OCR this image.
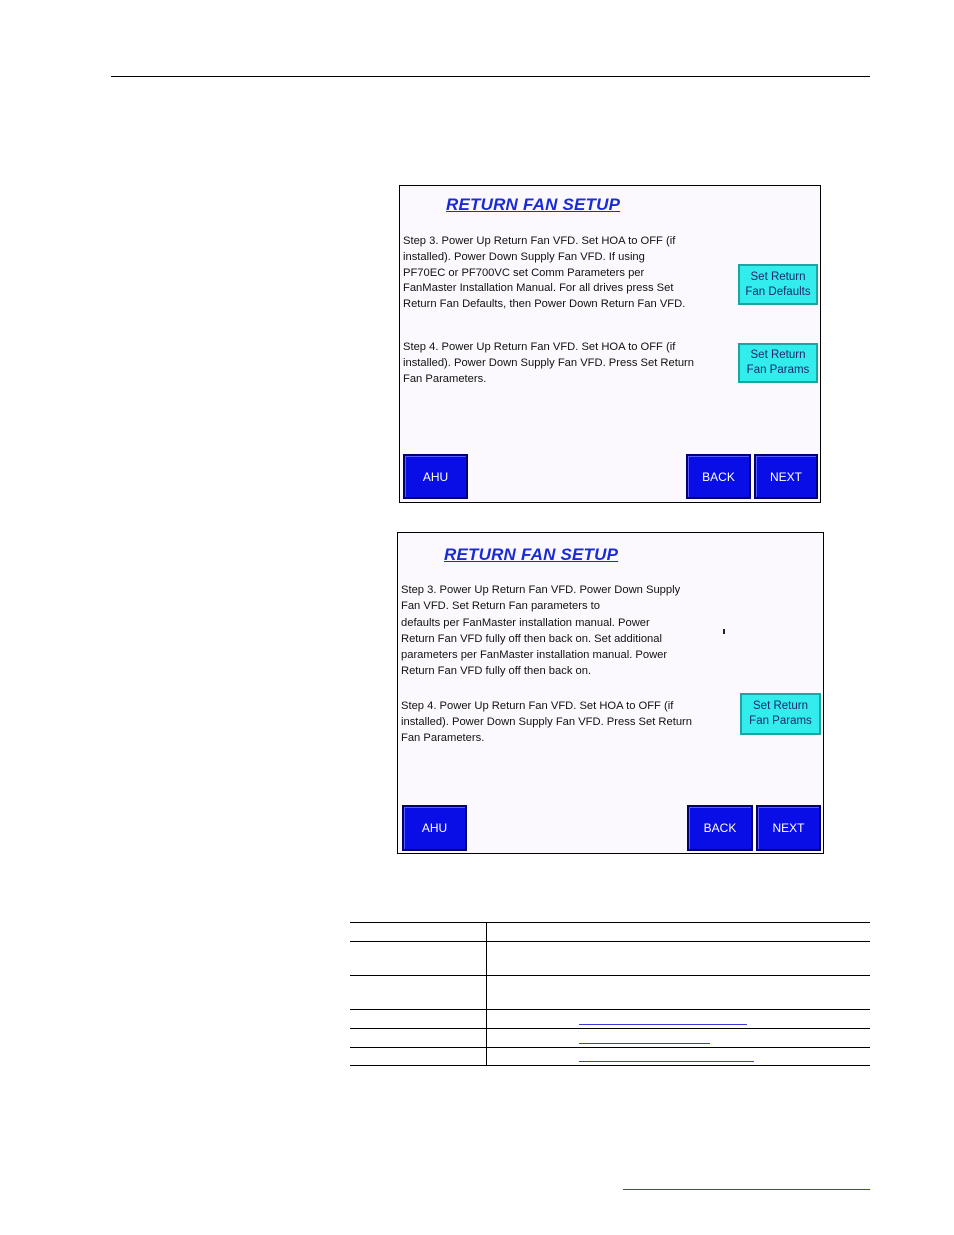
RETURN FAN SETUP
Step 3. Power Up Return Fan VFD. Set HOA to OFF (if
installed). Power Down Supply Fan VFD. If using
PF70EC or PF700VC set Comm Parameters per
FanMaster Installation Manual. For all drives press Set
Return Fan Defaults, then Power Down Return Fan VFD.
Set Return
Fan Defaults
Step 4. Power Up Return Fan VFD. Set HOA to OFF (if
installed). Power Down Supply Fan VFD. Press Set Return
Fan Parameters.
Set Return
Fan Params
AHU	BACK	NEXT
RETURN FAN SETUP
Step 3. Power Up Return Fan VFD. Power Down Supply
Fan VFD. Set Return Fan parameters to
defaults per FanMaster installation manual. Power
Return Fan VFD fully off then back on. Set additional
parameters per FanMaster installation manual. Power
Return Fan VFD fully off then back on.
Step 4. Power Up Return Fan VFD. Set HOA to OFF (if
installed). Power Down Supply Fan VFD. Press Set Return
Fan Parameters.
Set Return
Fan Params
AHU	BACK	NEXT
